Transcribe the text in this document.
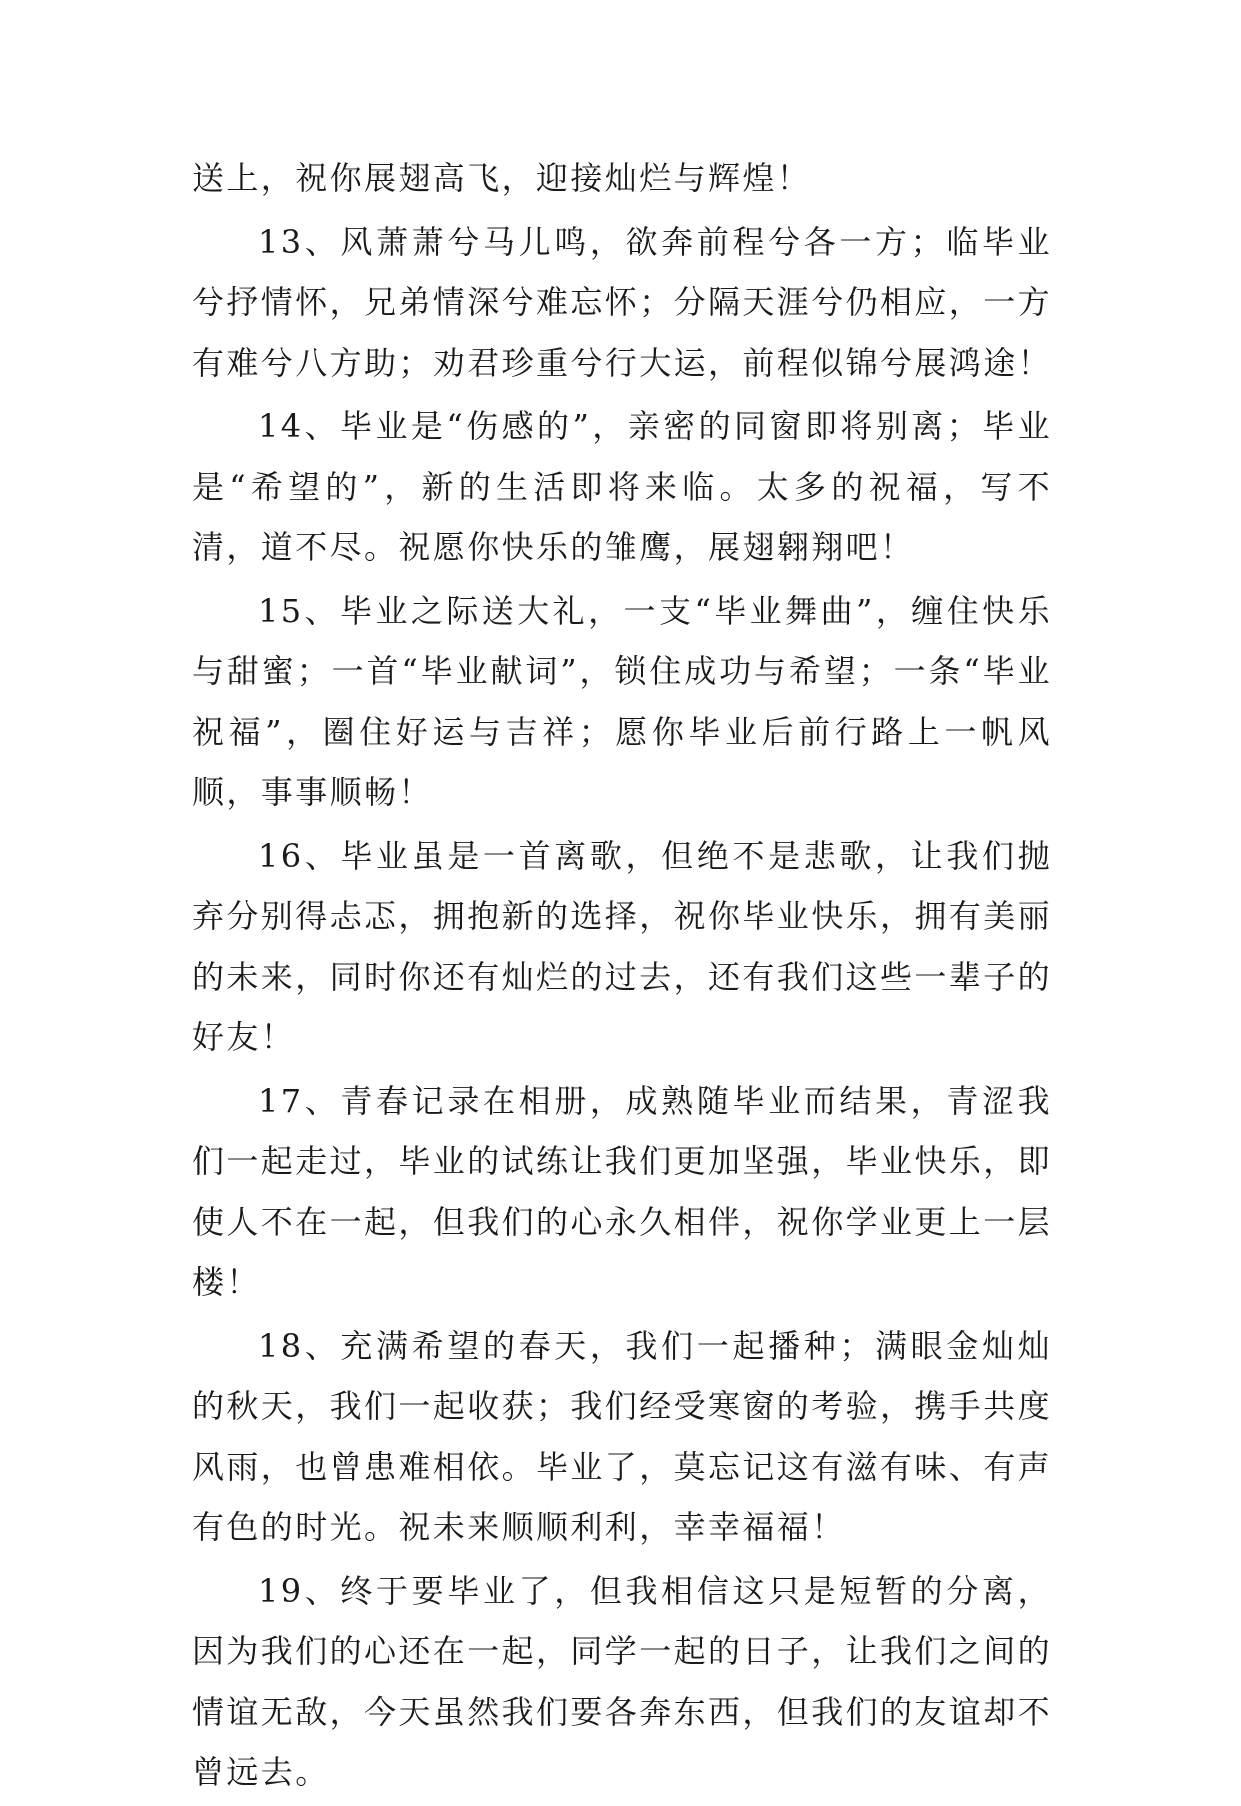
送上，祝你展翅高飞，迎接灿烂与辉煌！

13、风萧萧兮马儿鸣，欲奔前程兮各一方；临毕业兮抒情怀，兄弟情深兮难忘怀；分隔天涯兮仍相应，一方有难兮八方助；劝君珍重兮行大运，前程似锦兮展鸿途！

14、毕业是“伤感的”，亲密的同窗即将别离；毕业是“希望的”，新的生活即将来临。太多的祝福，写不清，道不尽。祝愿你快乐的雏鹰，展翅翱翔吧！

15、毕业之际送大礼，一支“毕业舞曲”，缠住快乐与甜蜜；一首“毕业献词”，锁住成功与希望；一条“毕业祝福”，圈住好运与吉祥；愿你毕业后前行路上一帆风顺，事事顺畅！

16、毕业虽是一首离歌，但绝不是悲歌，让我们抛弃分别得忐忑，拥抱新的选择，祝你毕业快乐，拥有美丽的未来，同时你还有灿烂的过去，还有我们这些一辈子的好友！

17、青春记录在相册，成熟随毕业而结果，青涩我们一起走过，毕业的试练让我们更加坚强，毕业快乐，即使人不在一起，但我们的心永久相伴，祝你学业更上一层楼！

18、充满希望的春天，我们一起播种；满眼金灿灿的秋天，我们一起收获；我们经受寒窗的考验，携手共度风雨，也曾患难相依。毕业了，莫忘记这有滋有味、有声有色的时光。祝未来顺顺利利，幸幸福福！

19、终于要毕业了，但我相信这只是短暂的分离，因为我们的心还在一起，同学一起的日子，让我们之间的情谊无敌，今天虽然我们要各奔东西，但我们的友谊却不曾远去。
